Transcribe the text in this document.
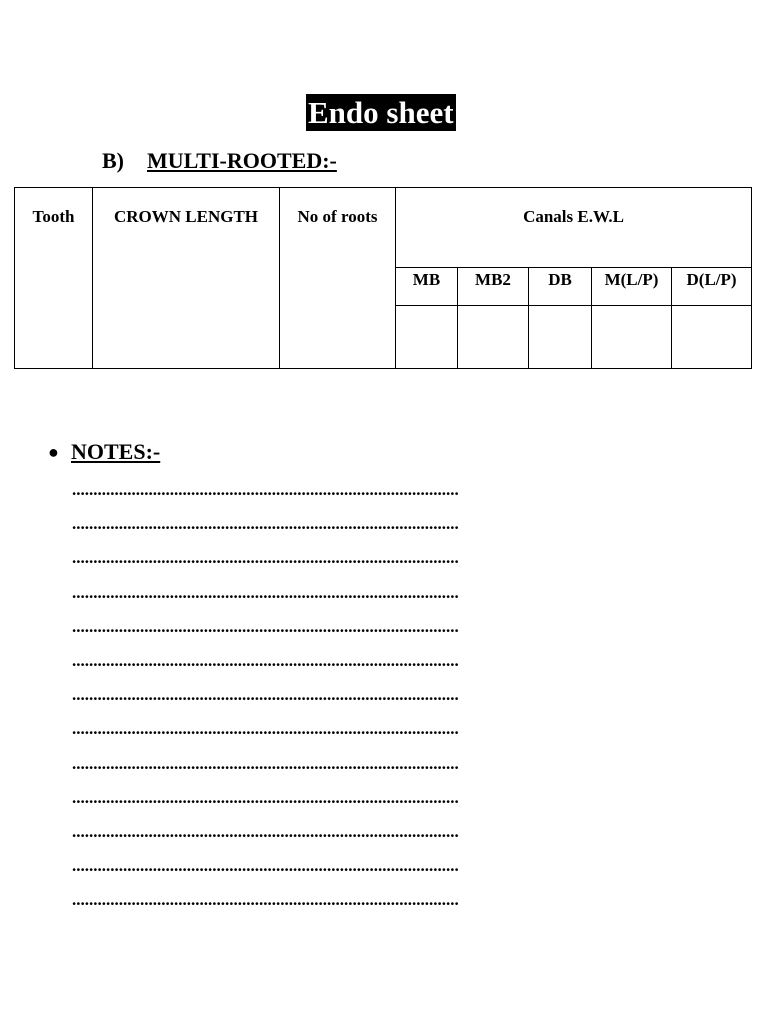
Endo sheet
B) MULTI-ROOTED:-
Tooth	CROWN LENGTH	No of roots	Canals E.W.L				

			MB	MB2	DB	M(L/P)	D(L/P)

● NOTES:-
...........................................................................................
...........................................................................................
...........................................................................................
...........................................................................................
...........................................................................................
...........................................................................................
...........................................................................................
...........................................................................................
...........................................................................................
...........................................................................................
...........................................................................................
...........................................................................................
...........................................................................................
